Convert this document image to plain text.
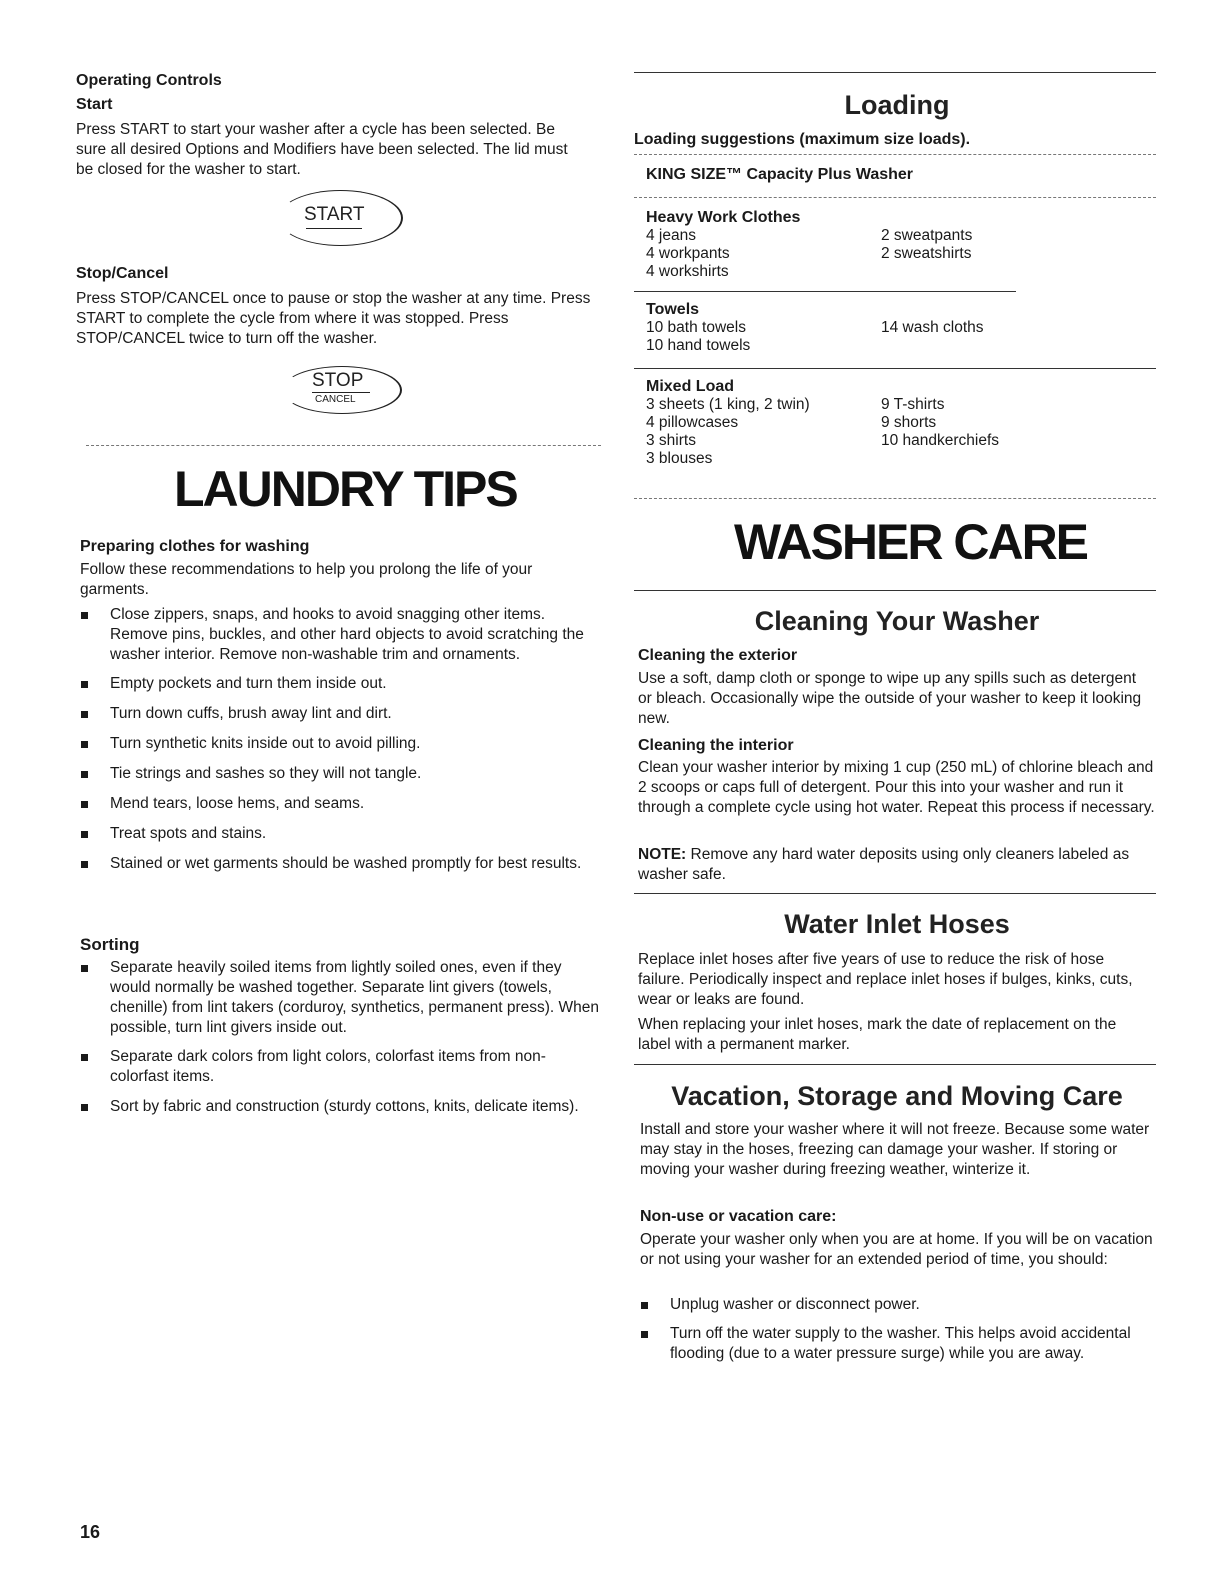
Operating Controls

Start

Press START to start your washer after a cycle has been selected. Be sure all desired Options and Modifiers have been selected. The lid must be closed for the washer to start.

START

Stop/Cancel

Press STOP/CANCEL once to pause or stop the washer at any time. Press START to complete the cycle from where it was stopped. Press STOP/CANCEL twice to turn off the washer.

STOP
CANCEL
LAUNDRY TIPS

Preparing clothes for washing

Follow these recommendations to help you prolong the life of your garments.

Close zippers, snaps, and hooks to avoid snagging other items. Remove pins, buckles, and other hard objects to avoid scratching the washer interior. Remove non-washable trim and ornaments.
Empty pockets and turn them inside out.
Turn down cuffs, brush away lint and dirt.
Turn synthetic knits inside out to avoid pilling.
Tie strings and sashes so they will not tangle.
Mend tears, loose hems, and seams.
Treat spots and stains.
Stained or wet garments should be washed promptly for best results.

Sorting

Separate heavily soiled items from lightly soiled ones, even if they would normally be washed together. Separate lint givers (towels, chenille) from lint takers (corduroy, synthetics, permanent press). When possible, turn lint givers inside out.
Separate dark colors from light colors, colorfast items from non-colorfast items.
Sort by fabric and construction (sturdy cottons, knits, delicate items).
Loading

Loading suggestions (maximum size loads).

KING SIZE™ Capacity Plus Washer

Heavy Work Clothes

4 jeans

4 workpants

4 workshirts

2 sweatpants

2 sweatshirts

Towels

10 bath towels

10 hand towels

14 wash cloths

Mixed Load

3 sheets (1 king, 2 twin)

4 pillowcases

3 shirts

3 blouses

9 T-shirts

9 shorts

10 handkerchiefs

WASHER CARE
Cleaning Your Washer

Cleaning the exterior

Use a soft, damp cloth or sponge to wipe up any spills such as detergent or bleach. Occasionally wipe the outside of your washer to keep it looking new.

Cleaning the interior

Clean your washer interior by mixing 1 cup (250 mL) of chlorine bleach and 2 scoops or caps full of detergent. Pour this into your washer and run it through a complete cycle using hot water. Repeat this process if necessary.

NOTE: Remove any hard water deposits using only cleaners labeled as washer safe.

Water Inlet Hoses

Replace inlet hoses after five years of use to reduce the risk of hose failure. Periodically inspect and replace inlet hoses if bulges, kinks, cuts, wear or leaks are found.

When replacing your inlet hoses, mark the date of replacement on the label with a permanent marker.

Vacation, Storage and Moving Care

Install and store your washer where it will not freeze. Because some water may stay in the hoses, freezing can damage your washer. If storing or moving your washer during freezing weather, winterize it.

Non-use or vacation care:

Operate your washer only when you are at home. If you will be on vacation or not using your washer for an extended period of time, you should:

Unplug washer or disconnect power.
Turn off the water supply to the washer. This helps avoid accidental flooding (due to a water pressure surge) while you are away.
16
